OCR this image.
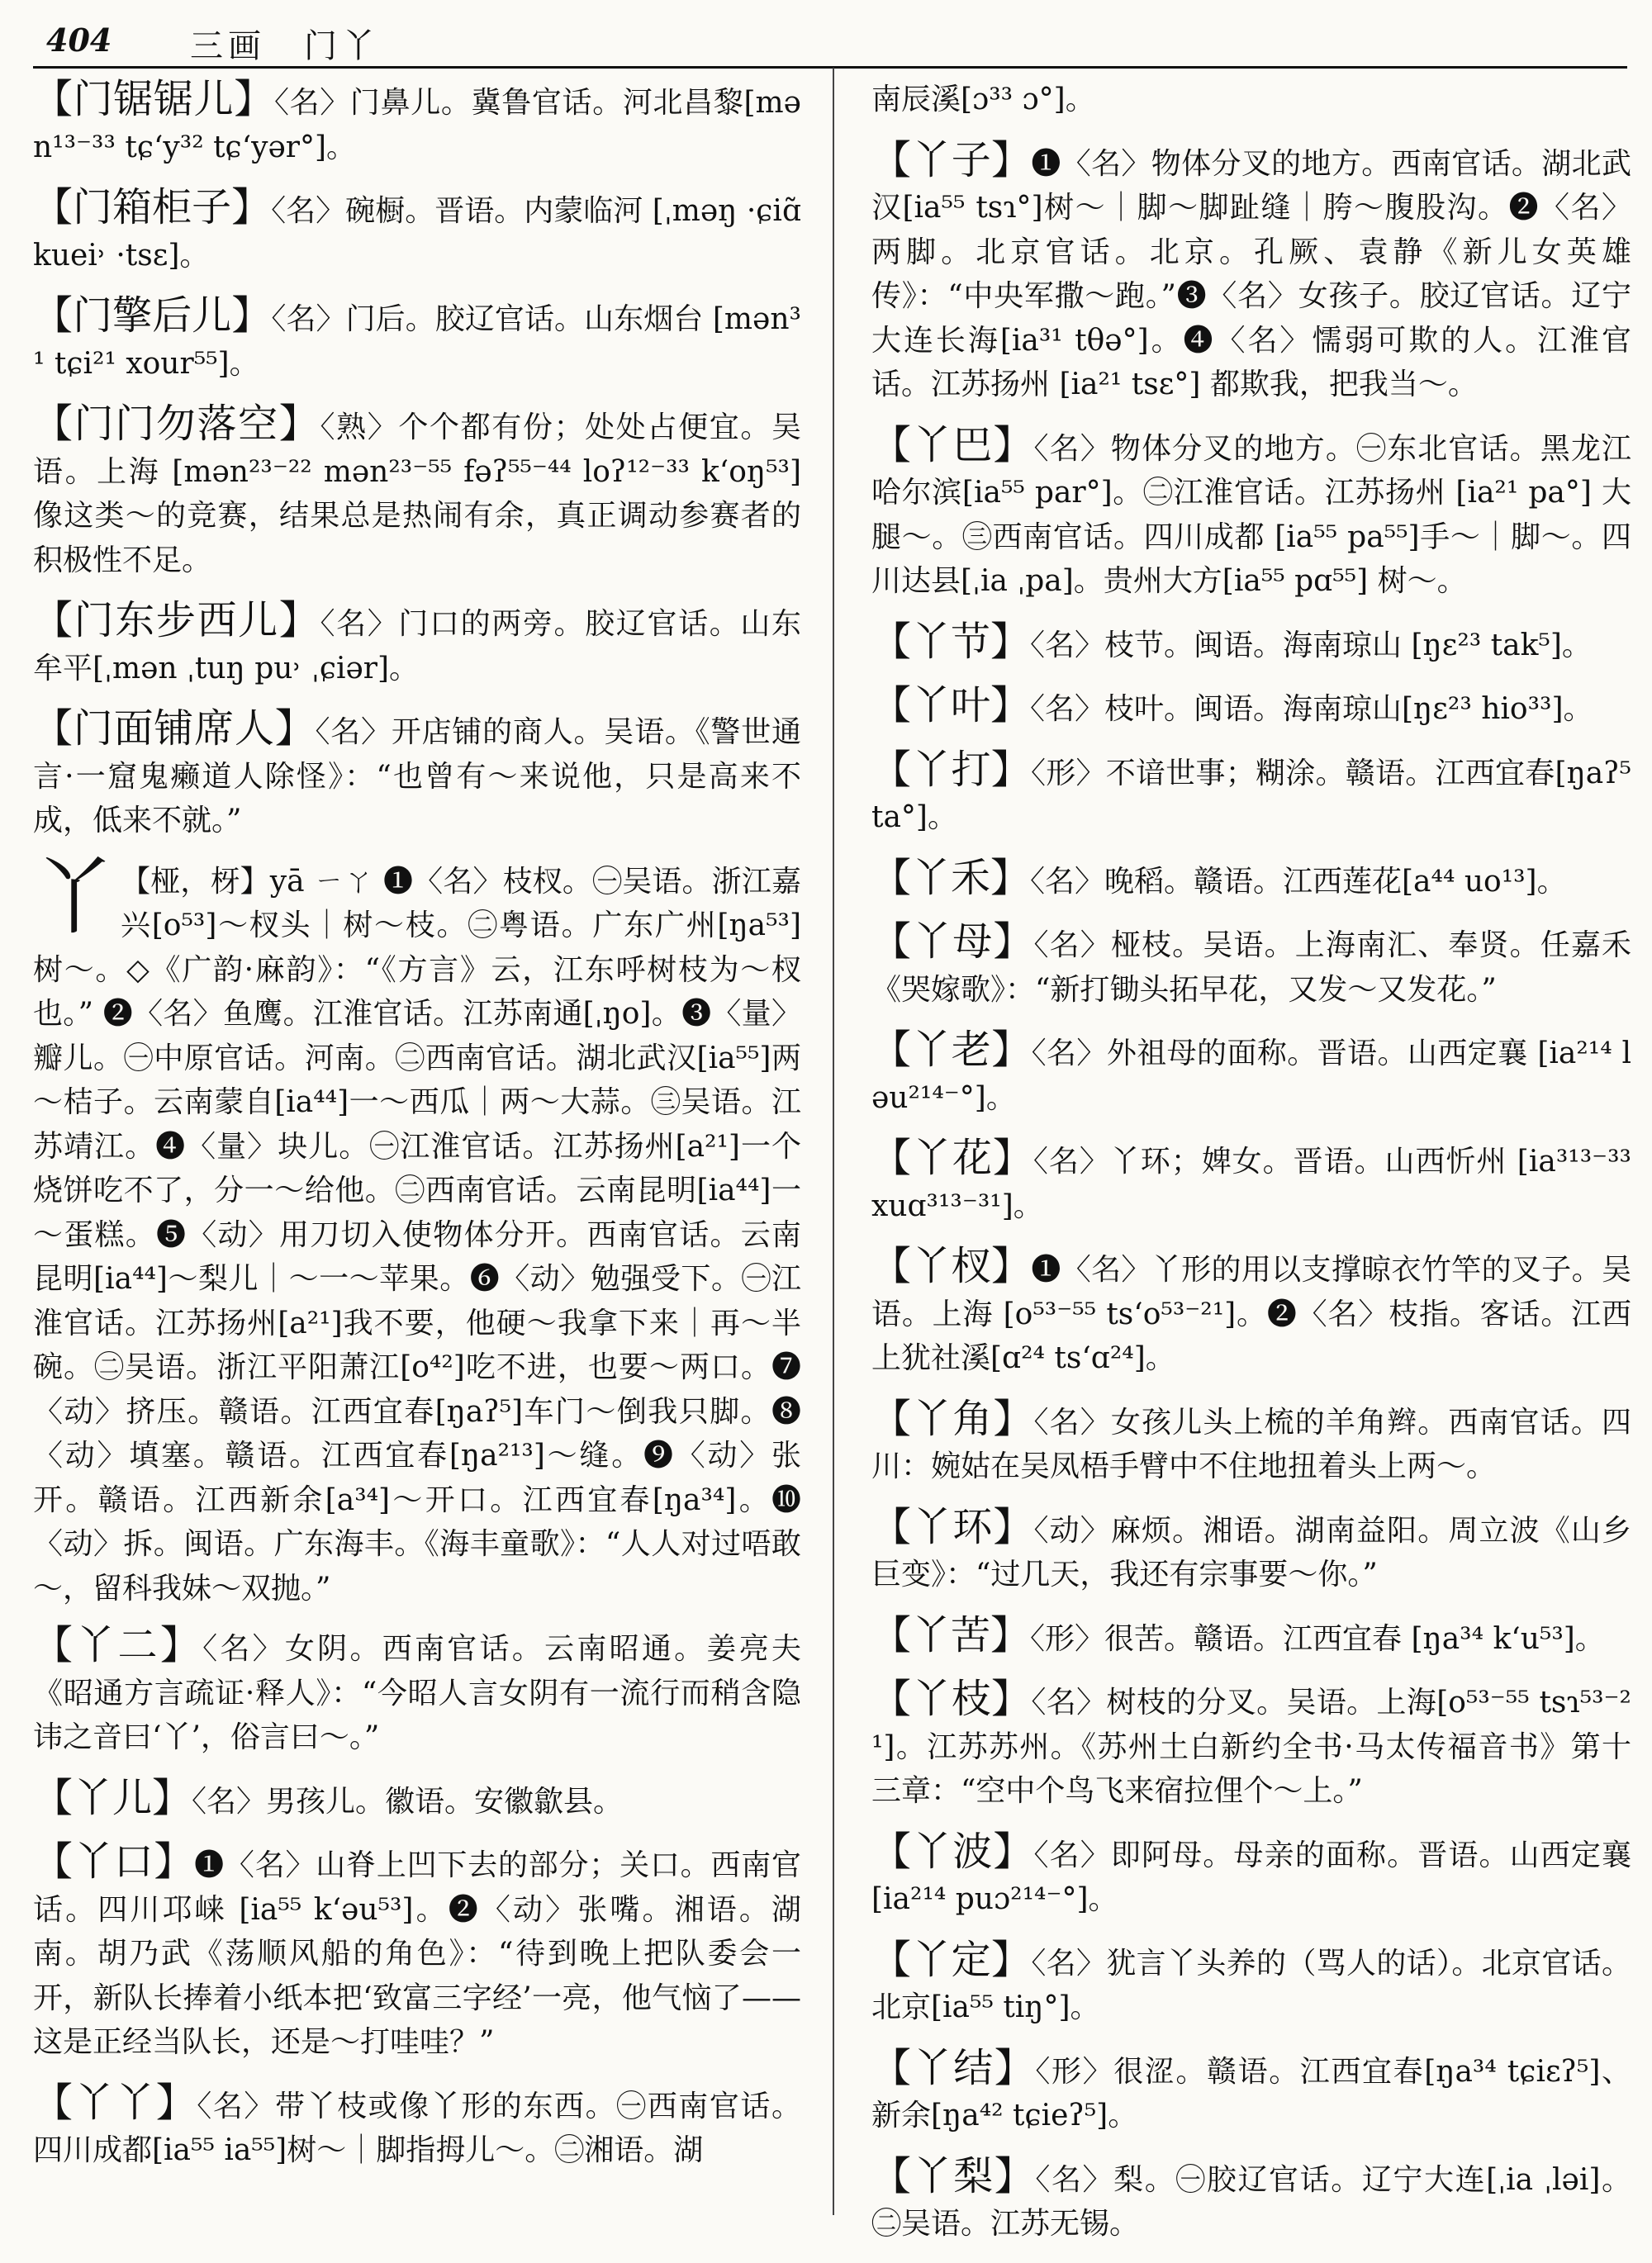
404 三画　门丫

【门锯锯儿】〈名〉门鼻儿。冀鲁官话。河北昌黎[mən¹³⁻³³ tɕʻy³² tɕʻyər°]。

【门箱柜子】〈名〉碗橱。晋语。内蒙临河 [ˌməŋ ·ɕiɑ̃ kuei˒ ·tsɛ]。

【门擎后儿】〈名〉门后。胶辽官话。山东烟台 [mən³¹ tɕi²¹ xour⁵⁵]。

【门门勿落空】〈熟〉个个都有份；处处占便宜。吴语。上海 [mən²³⁻²² mən²³⁻⁵⁵ fəʔ⁵⁵⁻⁴⁴ loʔ¹²⁻³³ kʻoŋ⁵³] 像这类～的竞赛，结果总是热闹有余，真正调动参赛者的积极性不足。

【门东步西儿】〈名〉门口的两旁。胶辽官话。山东牟平[ˌmən ˌtuŋ pu˒ ˌɕiər]。

【门面铺席人】〈名〉开店铺的商人。吴语。《警世通言·一窟鬼癞道人除怪》：“也曾有～来说他，只是高来不成，低来不就。”

丫 【桠，枒】yā ㄧㄚ ❶〈名〉枝杈。㊀吴语。浙江嘉兴[o⁵³]～杈头｜树～枝。㊁粤语。广东广州[ŋa⁵³]树～。◇《广韵·麻韵》：“《方言》云，江东呼树枝为～杈也。” ❷〈名〉鱼鹰。江淮官话。江苏南通[ˌŋo]。❸〈量〉瓣儿。㊀中原官话。河南。㊁西南官话。湖北武汉[ia⁵⁵]两～桔子。云南蒙自[ia⁴⁴]一～西瓜｜两～大蒜。㊂吴语。江苏靖江。❹〈量〉块儿。㊀江淮官话。江苏扬州[a²¹]一个烧饼吃不了，分一～给他。㊁西南官话。云南昆明[ia⁴⁴]一～蛋糕。❺〈动〉用刀切入使物体分开。西南官话。云南昆明[ia⁴⁴]～梨儿｜～一～苹果。❻〈动〉勉强受下。㊀江淮官话。江苏扬州[a²¹]我不要，他硬～我拿下来｜再～半碗。㊁吴语。浙江平阳萧江[o⁴²]吃不进，也要～两口。❼〈动〉挤压。赣语。江西宜春[ŋaʔ⁵]车门～倒我只脚。❽〈动〉填塞。赣语。江西宜春[ŋa²¹³]～缝。❾〈动〉张开。赣语。江西新余[a³⁴]～开口。江西宜春[ŋa³⁴]。❿〈动〉拆。闽语。广东海丰。《海丰童歌》：“人人对过唔敢～，留科我妹～双抛。”

【丫二】〈名〉女阴。西南官话。云南昭通。姜亮夫《昭通方言疏证·释人》：“今昭人言女阴有一流行而稍含隐讳之音曰‘丫’，俗言曰～。”

【丫儿】〈名〉男孩儿。徽语。安徽歙县。

【丫口】❶〈名〉山脊上凹下去的部分；关口。西南官话。四川邛崃 [ia⁵⁵ kʻəu⁵³]。❷〈动〉张嘴。湘语。湖南。胡乃武《荡顺风船的角色》：“待到晚上把队委会一开，新队长捧着小纸本把‘致富三字经’一亮，他气恼了——这是正经当队长，还是～打哇哇？”

【丫丫】〈名〉带丫枝或像丫形的东西。㊀西南官话。四川成都[ia⁵⁵ ia⁵⁵]树～｜脚指拇儿～。㊁湘语。湖

南辰溪[ɔ³³ ɔ°]。

【丫子】❶〈名〉物体分叉的地方。西南官话。湖北武汉[ia⁵⁵ tsɿ°]树～｜脚～脚趾缝｜胯～腹股沟。❷〈名〉两脚。北京官话。北京。孔厥、袁静《新儿女英雄传》：“中央军撒～跑。”❸〈名〉女孩子。胶辽官话。辽宁大连长海[ia³¹ tθə°]。❹〈名〉懦弱可欺的人。江淮官话。江苏扬州 [ia²¹ tsɛ°] 都欺我，把我当～。

【丫巴】〈名〉物体分叉的地方。㊀东北官话。黑龙江哈尔滨[ia⁵⁵ par°]。㊁江淮官话。江苏扬州 [ia²¹ pa°] 大腿～。㊂西南官话。四川成都 [ia⁵⁵ pa⁵⁵]手～｜脚～。四川达县[ˌia ˌpa]。贵州大方[ia⁵⁵ pɑ⁵⁵] 树～。

【丫节】〈名〉枝节。闽语。海南琼山 [ŋɛ²³ tak⁵]。

【丫叶】〈名〉枝叶。闽语。海南琼山[ŋɛ²³ hio³³]。

【丫打】〈形〉不谙世事；糊涂。赣语。江西宜春[ŋaʔ⁵ ta°]。

【丫禾】〈名〉晚稻。赣语。江西莲花[a⁴⁴ uo¹³]。

【丫母】〈名〉桠枝。吴语。上海南汇、奉贤。任嘉禾《哭嫁歌》：“新打锄头拓早花，又发～又发花。”

【丫老】〈名〉外祖母的面称。晋语。山西定襄 [ia²¹⁴ ləu²¹⁴⁻°]。

【丫花】〈名〉丫环；婢女。晋语。山西忻州 [ia³¹³⁻³³ xuɑ³¹³⁻³¹]。

【丫杈】❶〈名〉丫形的用以支撑晾衣竹竿的叉子。吴语。上海 [o⁵³⁻⁵⁵ tsʻo⁵³⁻²¹]。❷〈名〉枝指。客话。江西上犹社溪[ɑ²⁴ tsʻɑ²⁴]。

【丫角】〈名〉女孩儿头上梳的羊角辫。西南官话。四川：婉姑在吴凤梧手臂中不住地扭着头上两～。

【丫环】〈动〉麻烦。湘语。湖南益阳。周立波《山乡巨变》：“过几天，我还有宗事要～你。”

【丫苦】〈形〉很苦。赣语。江西宜春 [ŋa³⁴ kʻu⁵³]。

【丫枝】〈名〉树枝的分叉。吴语。上海[o⁵³⁻⁵⁵ tsɿ⁵³⁻²¹]。江苏苏州。《苏州土白新约全书·马太传福音书》第十三章：“空中个鸟飞来宿拉俚个～上。”

【丫波】〈名〉即阿母。母亲的面称。晋语。山西定襄 [ia²¹⁴ puɔ²¹⁴⁻°]。

【丫定】〈名〉犹言丫头养的（骂人的话）。北京官话。北京[ia⁵⁵ tiŋ°]。

【丫结】〈形〉很涩。赣语。江西宜春[ŋa³⁴ tɕiɛʔ⁵]、新余[ŋa⁴² tɕieʔ⁵]。

【丫梨】〈名〉梨。㊀胶辽官话。辽宁大连[ˌia ˌləi]。㊁吴语。江苏无锡。
